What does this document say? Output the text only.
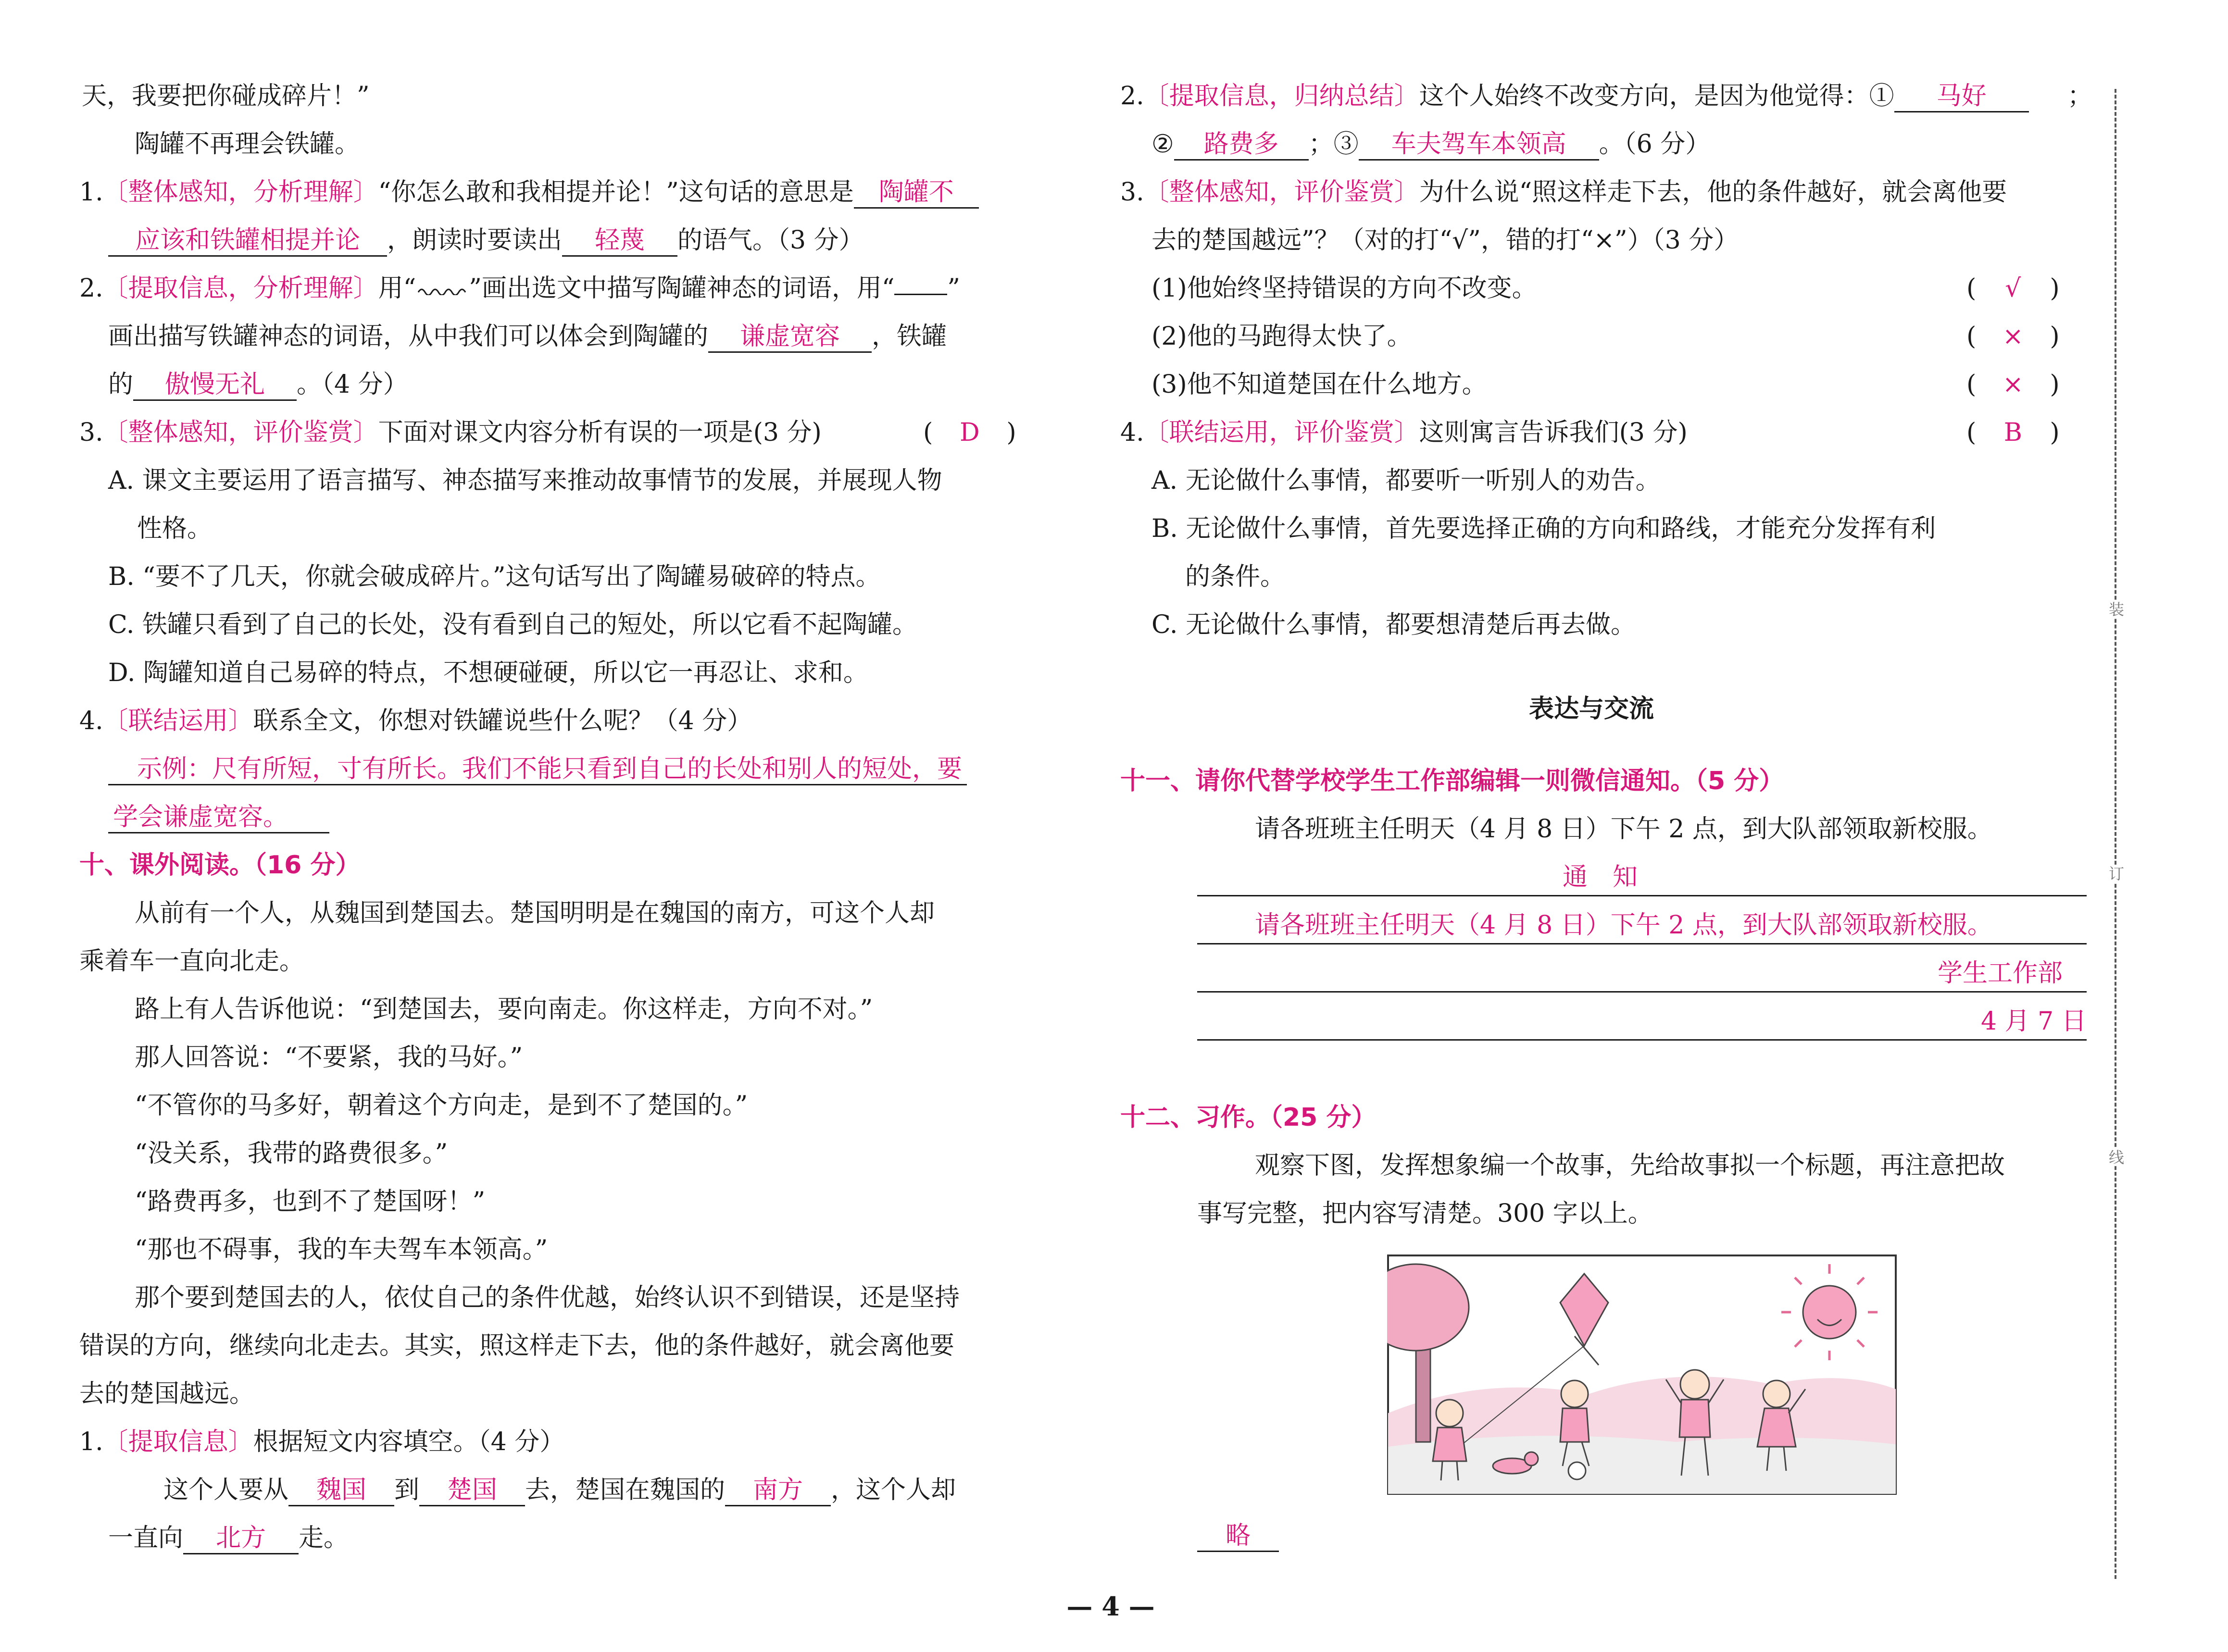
天，我要把你碰成碎片！”
陶罐不再理会铁罐。
1.〔整体感知，分析理解〕“你怎么敢和我相提并论！”这句话的意思是 陶罐不
应该和铁罐相提并论 ，朗读时要读出 轻蔑 的语气。（3 分）
2.〔提取信息，分析理解〕用“ ”画出选文中描写陶罐神态的词语，用“ ”
画出描写铁罐神态的词语，从中我们可以体会到陶罐的 谦虚宽容 ，铁罐
的 傲慢无礼 。（4 分）
3.〔整体感知，评价鉴赏〕下面对课文内容分析有误的一项是(3 分)	( D )
A. 课文主要运用了语言描写、神态描写来推动故事情节的发展，并展现人物
性格。
B. “要不了几天，你就会破成碎片。”这句话写出了陶罐易破碎的特点。
C. 铁罐只看到了自己的长处，没有看到自己的短处，所以它看不起陶罐。
D. 陶罐知道自己易碎的特点，不想硬碰硬，所以它一再忍让、求和。
4.〔联结运用〕联系全文，你想对铁罐说些什么呢？（4 分）
示例：尺有所短，寸有所长。我们不能只看到自己的长处和别人的短处，要
学会谦虚宽容。
十、课外阅读。（16 分）
从前有一个人，从魏国到楚国去。楚国明明是在魏国的南方，可这个人却
乘着车一直向北走。
路上有人告诉他说：“到楚国去，要向南走。你这样走，方向不对。”
那人回答说：“不要紧，我的马好。”
“不管你的马多好，朝着这个方向走，是到不了楚国的。”
“没关系，我带的路费很多。”
“路费再多，也到不了楚国呀！”
“那也不碍事，我的车夫驾车本领高。”
那个要到楚国去的人，依仗自己的条件优越，始终认识不到错误，还是坚持
错误的方向，继续向北走去。其实，照这样走下去，他的条件越好，就会离他要
去的楚国越远。
1.〔提取信息〕根据短文内容填空。（4 分）
这个人要从 魏国 到 楚国 去，楚国在魏国的 南方 ，这个人却
一直向 北方 走。
2.〔提取信息，归纳总结〕这个人始终不改变方向，是因为他觉得：① 马好	；
② 路费多 ；③ 车夫驾车本领高 。（6 分）
3.〔整体感知，评价鉴赏〕为什么说“照这样走下去，他的条件越好，就会离他要
去的楚国越远”？（对的打“√”，错的打“×”）（3 分）
(1)他始终坚持错误的方向不改变。	( √ )
(2)他的马跑得太快了。	( × )
(3)他不知道楚国在什么地方。	( × )
4.〔联结运用，评价鉴赏〕这则寓言告诉我们(3 分)	( B )
A. 无论做什么事情，都要听一听别人的劝告。
B. 无论做什么事情，首先要选择正确的方向和路线，才能充分发挥有利
的条件。
C. 无论做什么事情，都要想清楚后再去做。
表达与交流
十一、请你代替学校学生工作部编辑一则微信通知。（5 分）
请各班班主任明天（4 月 8 日）下午 2 点，到大队部领取新校服。
通　知
请各班班主任明天（4 月 8 日）下午 2 点，到大队部领取新校服。
学生工作部
4 月 7 日
十二、习作。（25 分）
观察下图，发挥想象编一个故事，先给故事拟一个标题，再注意把故
事写完整，把内容写清楚。300 字以上。
略
装
订
线
— 4 —
